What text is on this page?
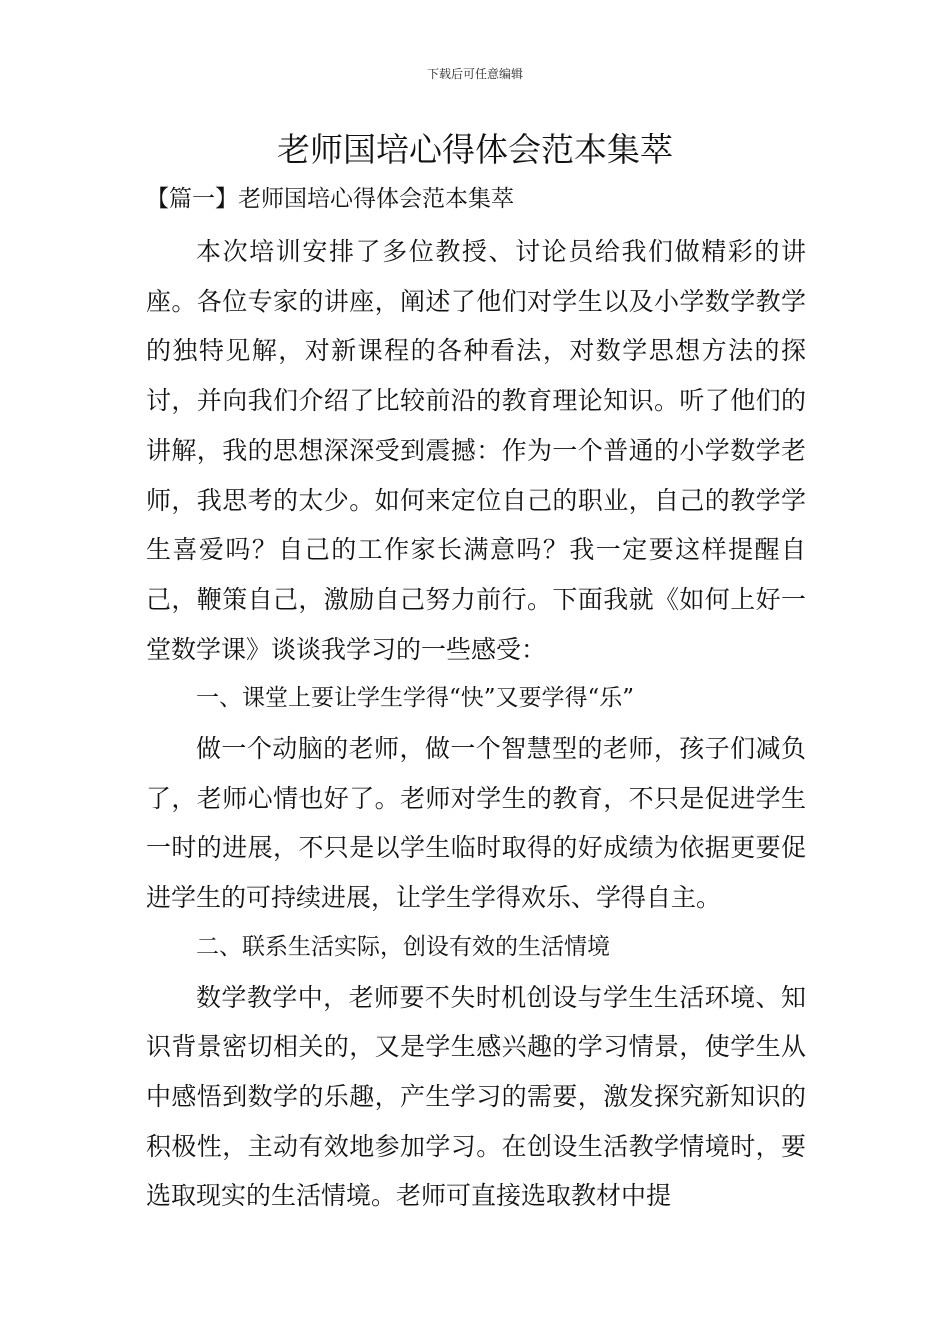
下载后可任意编辑
老师国培心得体会范本集萃
【篇一】老师国培心得体会范本集萃

本次培训安排了多位教授、讨论员给我们做精彩的讲座。各位专家的讲座，阐述了他们对学生以及小学数学教学的独特见解，对新课程的各种看法，对数学思想方法的探讨，并向我们介绍了比较前沿的教育理论知识。听了他们的讲解，我的思想深深受到震撼：作为一个普通的小学数学老师，我思考的太少。如何来定位自己的职业，自己的教学学生喜爱吗？自己的工作家长满意吗？我一定要这样提醒自己，鞭策自己，激励自己努力前行。下面我就《如何上好一堂数学课》谈谈我学习的一些感受：

一、课堂上要让学生学得“快”又要学得“乐”

做一个动脑的老师，做一个智慧型的老师，孩子们减负了，老师心情也好了。老师对学生的教育，不只是促进学生一时的进展，不只是以学生临时取得的好成绩为依据更要促进学生的可持续进展，让学生学得欢乐、学得自主。

二、联系生活实际，创设有效的生活情境

数学教学中，老师要不失时机创设与学生生活环境、知识背景密切相关的，又是学生感兴趣的学习情景，使学生从中感悟到数学的乐趣，产生学习的需要，激发探究新知识的积极性，主动有效地参加学习。在创设生活教学情境时，要选取现实的生活情境。老师可直接选取教材中提
